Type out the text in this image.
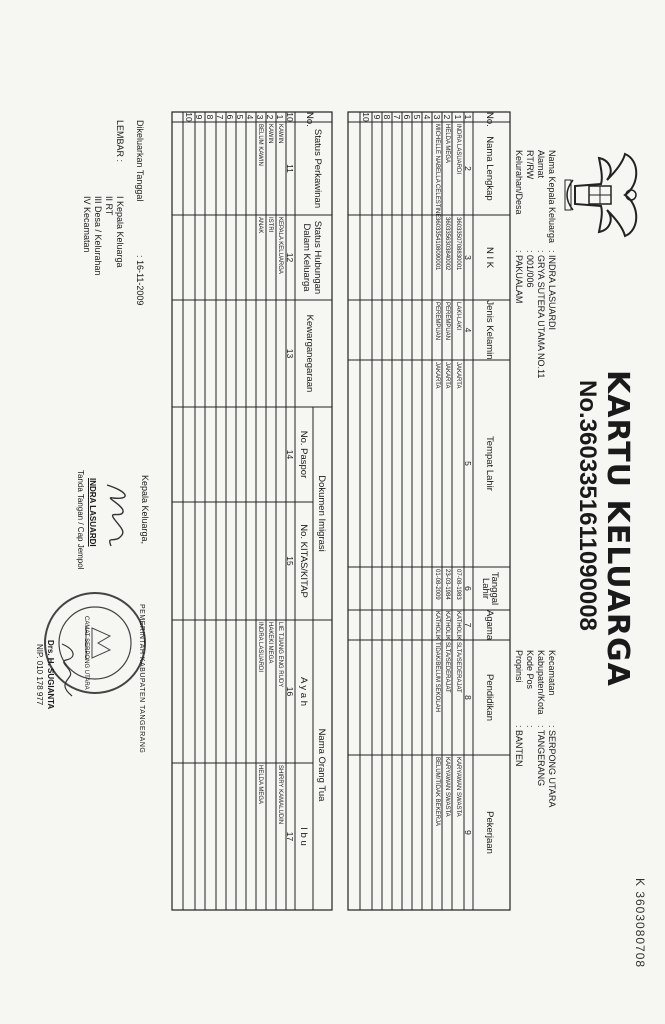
KARTU KELUARGA
No.3603351611090008
K 3603080708
Nama Kepala Keluarga: INDRA LASUARDI
Alamat: GRYA SUTERA UTAMA NO.11
RT/RW: 001/006
Kelurahan/Desa: PAKUALAM
Kecamatan: SERPONG UTARA
Kabupaten/Kota: TANGERANG
Kode Pos:
Propinsi: BANTEN
No.
Nama Lengkap
N I K
Jenis Kelamin
Tempat Lahir
Tanggal Lahir
Agama
Pendidikan
Pekerjaan
1
2
3
4
5
6
7
8
9
1
2
3
4
5
6
7
8
9
10
INDRA LASUARDI
3603350708830001
LAKI-LAKI
JAKARTA
07-08-1983
KATHOLIK
SLTA/SEDERAJAT
KARYAWAN SWASTA
HELDA MEGA
3603356303840002
PEREMPUAN
JAKARTA
23-03-1984
KATHOLIK
SLTA/SEDERAJAT
KARYAWAN SWASTA
MICHELLE NABELLA CELESTINE
3603354108090001
PEREMPUAN
JAKARTA
01-08-2009
KATHOLIK
TIDAK/BELUM SEKOLAH
BELUM/TIDAK BEKERJA
No.
Status Perkawinan
Status Hubungan Dalam Keluarga
Kewarganegaraan
Dokumen Imigrasi
No. Paspor
No. KITAS/KITAP
Nama Orang Tua
A y a h
I b u
10
11
12
13
14
15
16
17
1
2
3
4
5
6
7
8
9
10
KAWIN
KEPALA KELUARGA
LIE TJIANG ENG RUDY
SHIRRY KAMALUDIN
KAWIN
ISTRI
HAKEKI MEGA
BELUM KAWIN
ANAK
INDRA LASUARDI
HELDA MEGA
Dikeluarkan Tanggal
: 16-11-2009
LEMBAR :
I Kepala Keluarga
II RT
III Desa / Kelurahan
IV Kecamatan
Kepala Keluarga,
INDRA LASUARDI
Tanda Tangan / Cap Jempol
PEMERINTAH KABUPATEN TANGERANG
CAMAT SERPONG UTARA
Drs. H. SUGIANTA
NIP. 010 178 977
